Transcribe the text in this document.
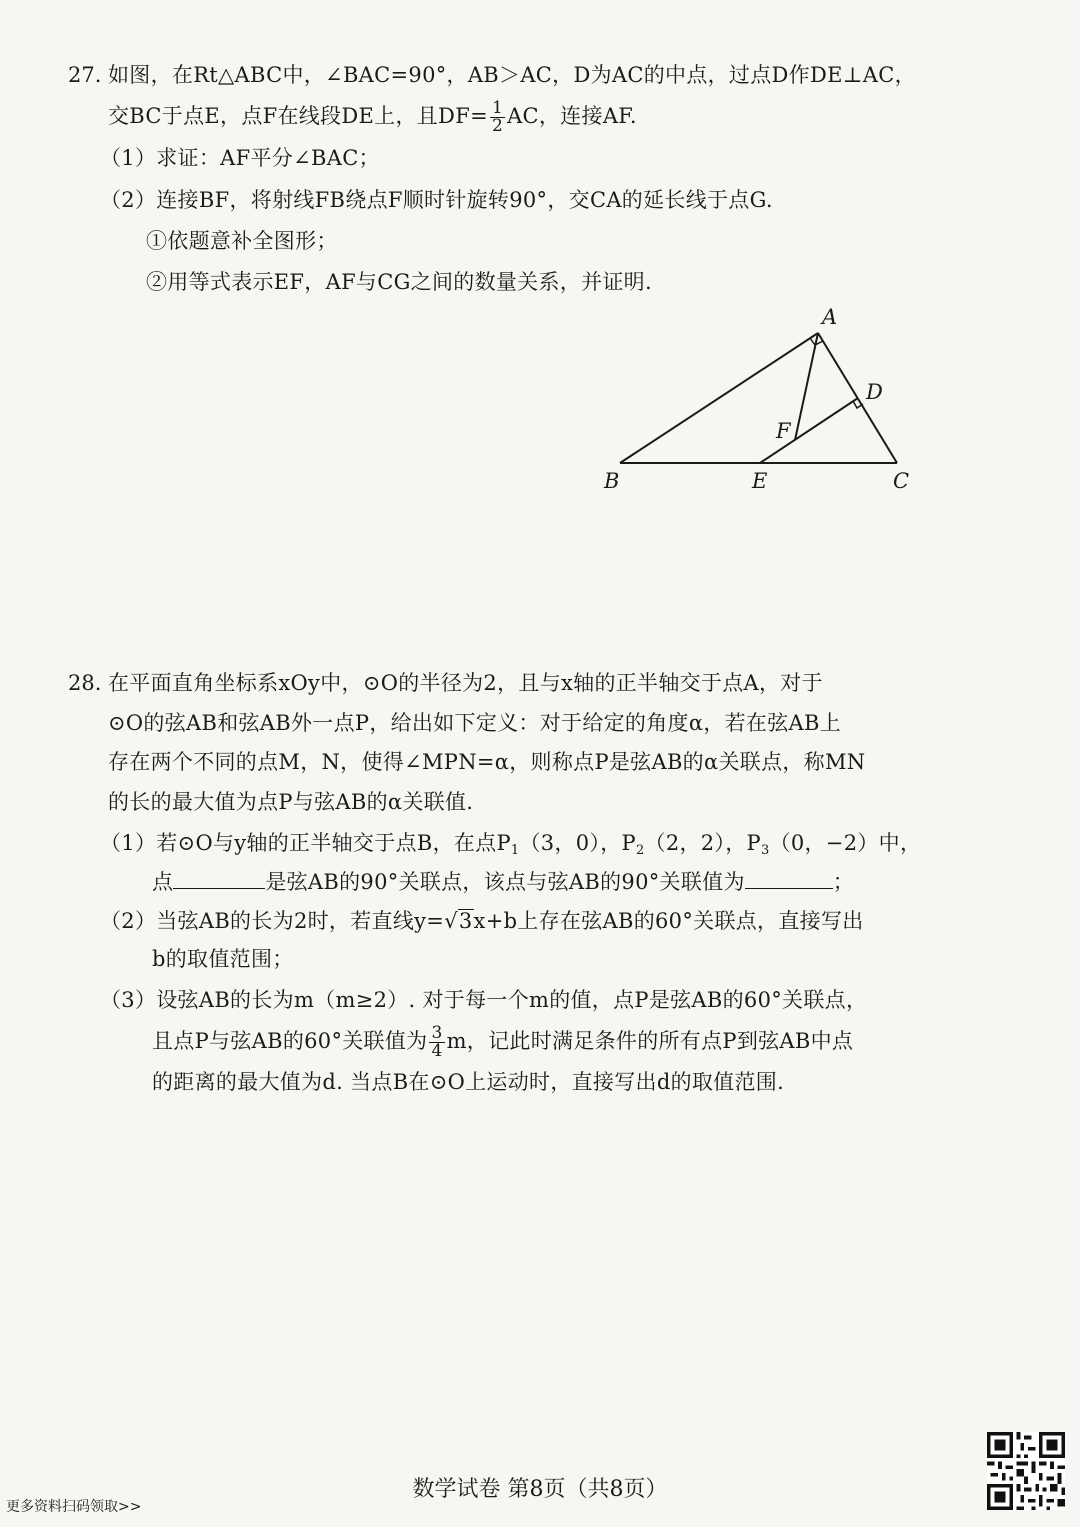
27. 如图，在Rt△ABC中，∠BAC=90°，AB＞AC，D为AC的中点，过点D作DE⊥AC，
交BC于点E，点F在线段DE上，且$DF= \frac{1}{2}$ AC，连接AF.
（1）求证：AF平分∠BAC；
（2）连接BF，将射线FB绕点F顺时针旋转90°，交CA的延长线于点G.
①依题意补全图形；
②用等式表示EF，AF与CG之间的数量关系，并证明.
A
D
F
B	E	C
28. 在平面直角坐标系xOy中，⊙O的半径为2，且与x轴的正半轴交于点A，对于
⊙O的弦AB和弦AB外一点P，给出如下定义：对于给定的角度α，若在弦AB上
存在两个不同的点M，N，使得∠MPN=α，则称点P是弦AB的α关联点，称MN
的长的最大值为点P与弦AB的α关联值.
（1）若⊙O与y轴的正半轴交于点B，在点$P_1(3$，0），$P_2(2$，2），$P_3(0$，−2）中，
点	是弦AB的90°关联点，该点与弦AB的90°关联值为	；
（2）当弦AB的长为2时，若直线y=√3x+b上存在弦AB的60°关联点，直接写出
b的取值范围；
（3）设弦AB的长为m（m≥2）. 对于每一个m的值，点P是弦AB的60°关联点，
且点P与弦AB的60°关联值为 $\frac{3}{4}$ m，记此时满足条件的所有点P到弦AB中点
的距离的最大值为d. 当点B在⊙O上运动时，直接写出d的取值范围.
数学试卷 第8页（共8页）
更多资料扫码领取>>
